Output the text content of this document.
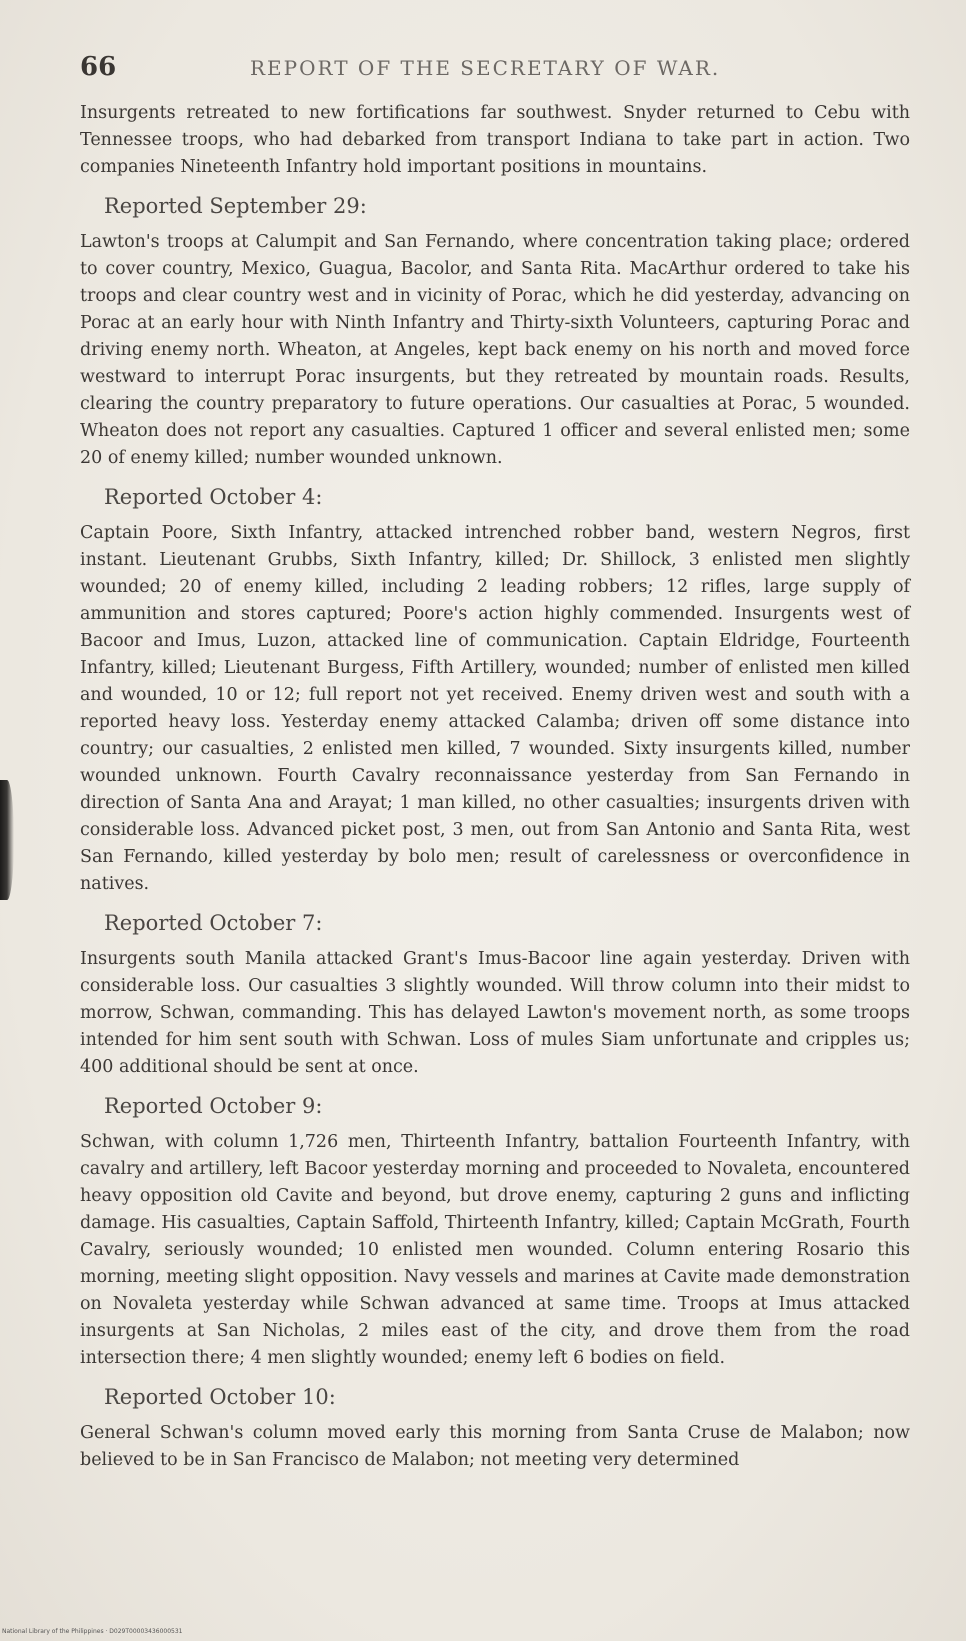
66	REPORT OF THE SECRETARY OF WAR.

Insurgents retreated to new fortifications far southwest. Snyder returned to Cebu with Tennessee troops, who had debarked from transport Indiana to take part in action. Two companies Nineteenth Infantry hold important positions in mountains.

Reported September 29:

Lawton's troops at Calumpit and San Fernando, where concentration taking place; ordered to cover country, Mexico, Guagua, Bacolor, and Santa Rita. MacArthur ordered to take his troops and clear country west and in vicinity of Porac, which he did yesterday, advancing on Porac at an early hour with Ninth Infantry and Thirty-sixth Volunteers, capturing Porac and driving enemy north. Wheaton, at Angeles, kept back enemy on his north and moved force westward to interrupt Porac insurgents, but they retreated by mountain roads. Results, clearing the country preparatory to future operations. Our casualties at Porac, 5 wounded. Wheaton does not report any casualties. Captured 1 officer and several enlisted men; some 20 of enemy killed; number wounded unknown.

Reported October 4:

Captain Poore, Sixth Infantry, attacked intrenched robber band, western Negros, first instant. Lieutenant Grubbs, Sixth Infantry, killed; Dr. Shillock, 3 enlisted men slightly wounded; 20 of enemy killed, including 2 leading robbers; 12 rifles, large supply of ammunition and stores captured; Poore's action highly commended. Insurgents west of Bacoor and Imus, Luzon, attacked line of communication. Captain Eldridge, Fourteenth Infantry, killed; Lieutenant Burgess, Fifth Artillery, wounded; number of enlisted men killed and wounded, 10 or 12; full report not yet received. Enemy driven west and south with a reported heavy loss. Yesterday enemy attacked Calamba; driven off some distance into country; our casualties, 2 enlisted men killed, 7 wounded. Sixty insurgents killed, number wounded unknown. Fourth Cavalry reconnaissance yesterday from San Fernando in direction of Santa Ana and Arayat; 1 man killed, no other casualties; insurgents driven with considerable loss. Advanced picket post, 3 men, out from San Antonio and Santa Rita, west San Fernando, killed yesterday by bolo men; result of carelessness or overconfidence in natives.

Reported October 7:

Insurgents south Manila attacked Grant's Imus-Bacoor line again yesterday. Driven with considerable loss. Our casualties 3 slightly wounded. Will throw column into their midst to morrow, Schwan, commanding. This has delayed Lawton's movement north, as some troops intended for him sent south with Schwan. Loss of mules Siam unfortunate and cripples us; 400 additional should be sent at once.

Reported October 9:

Schwan, with column 1,726 men, Thirteenth Infantry, battalion Fourteenth Infantry, with cavalry and artillery, left Bacoor yesterday morning and proceeded to Novaleta, encountered heavy opposition old Cavite and beyond, but drove enemy, capturing 2 guns and inflicting damage. His casualties, Captain Saffold, Thirteenth Infantry, killed; Captain McGrath, Fourth Cavalry, seriously wounded; 10 enlisted men wounded. Column entering Rosario this morning, meeting slight opposition. Navy vessels and marines at Cavite made demonstration on Novaleta yesterday while Schwan advanced at same time. Troops at Imus attacked insurgents at San Nicholas, 2 miles east of the city, and drove them from the road intersection there; 4 men slightly wounded; enemy left 6 bodies on field.

Reported October 10:

General Schwan's column moved early this morning from Santa Cruse de Malabon; now believed to be in San Francisco de Malabon; not meeting very determined

National Library of the Philippines · D029T00003436000531
